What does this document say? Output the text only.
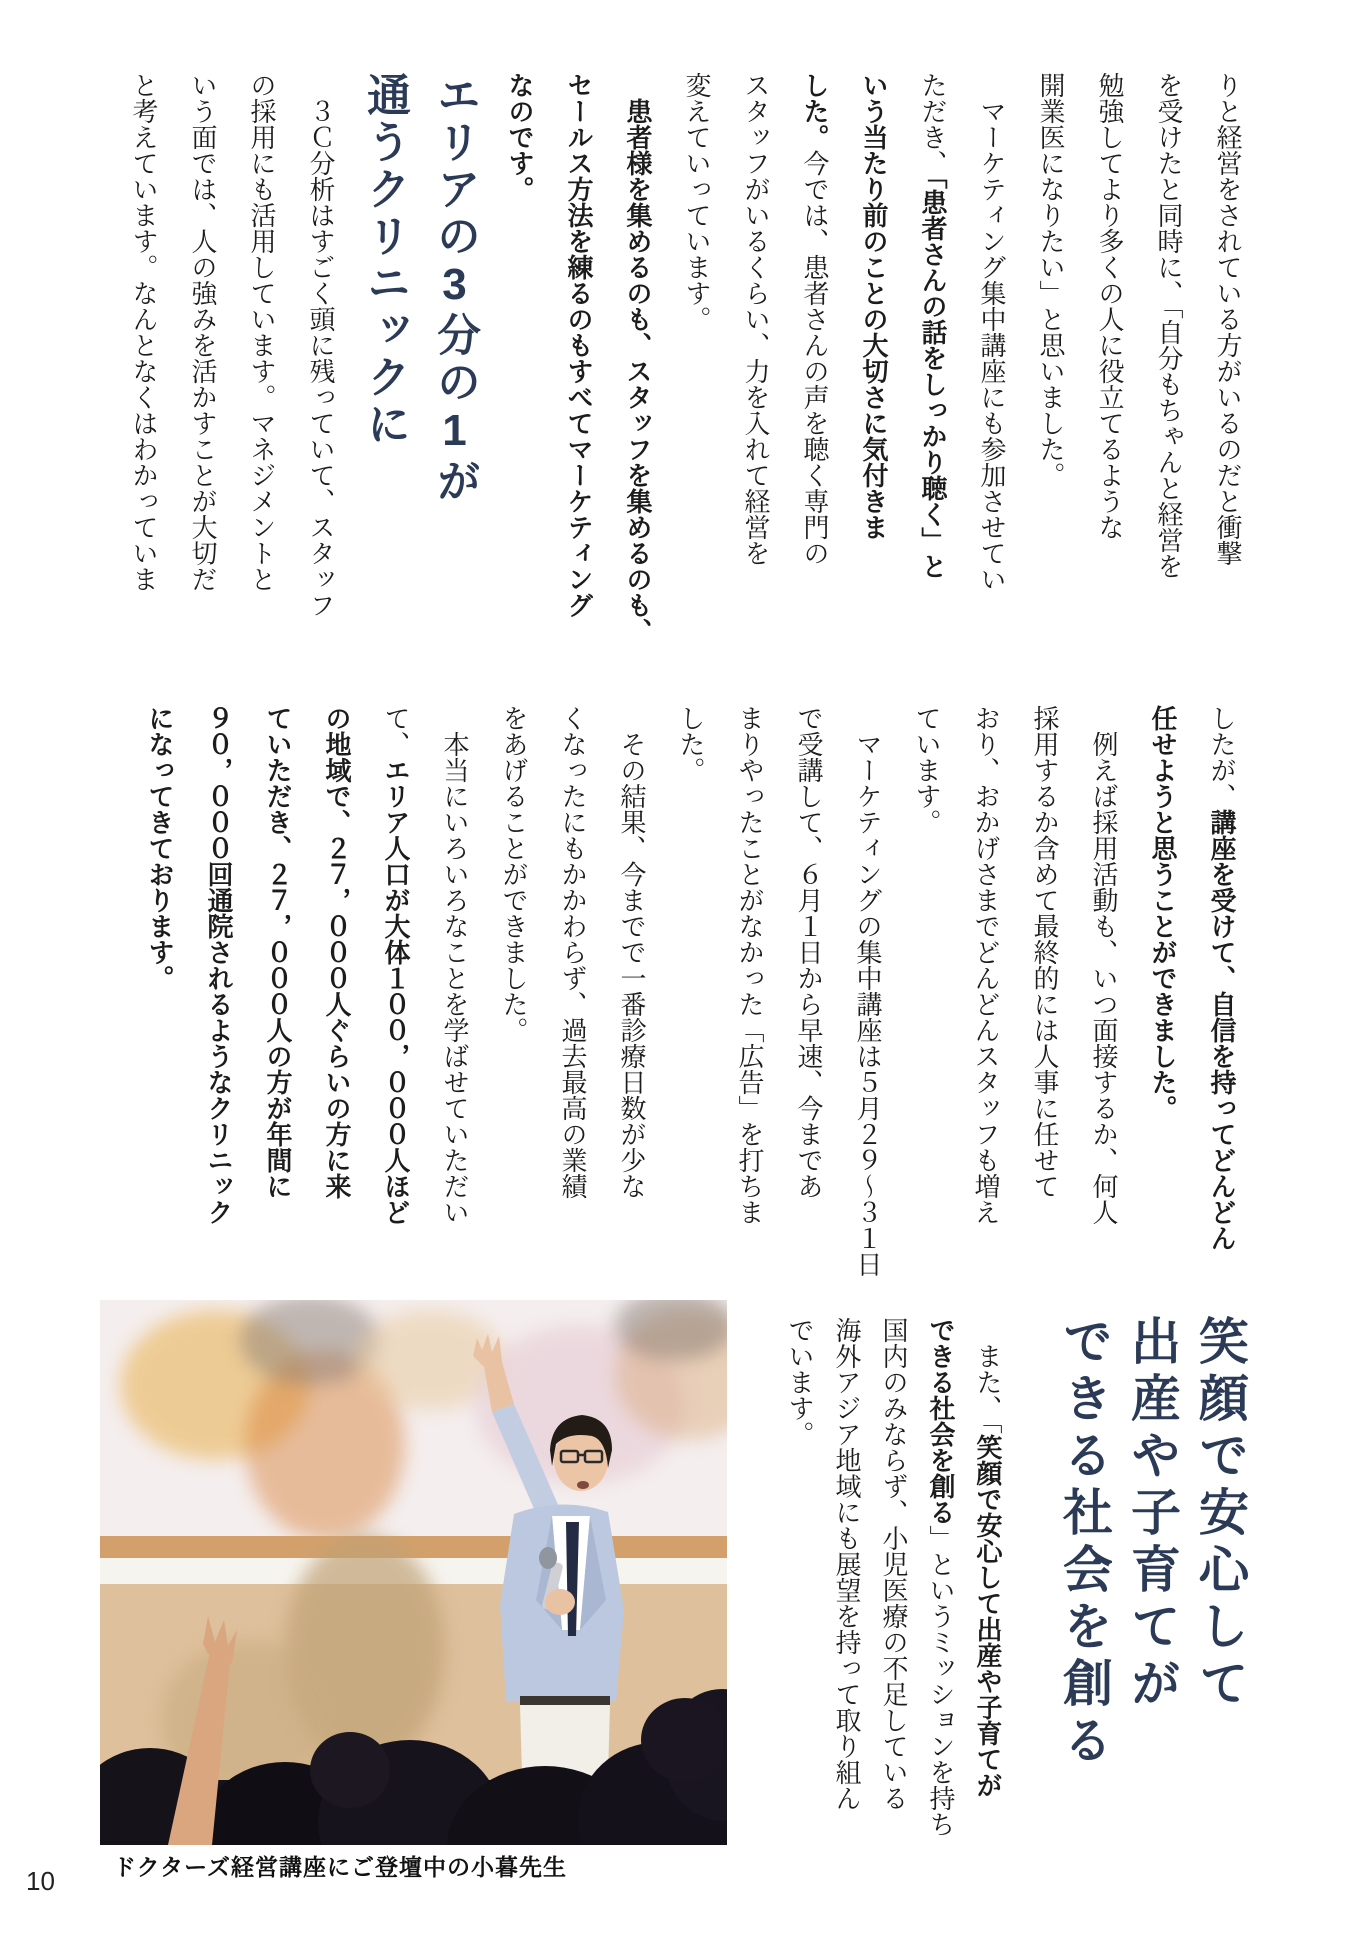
りと経営をされている方がいるのだと衝撃
を受けたと同時に、「自分もちゃんと経営を
勉強してより多くの人に役立てるような
開業医になりたい」と思いました。
　マーケティング集中講座にも参加させてい
ただき、「患者さんの話をしっかり聴く」と
いう当たり前のことの大切さに気付きま
した。今では、患者さんの声を聴く専門の
スタッフがいるくらい、力を入れて経営を
変えていっています。
　患者様を集めるのも、スタッフを集めるのも、
セールス方法を練るのもすべてマーケティング
なのです。
エリアの3分の1が
通うクリニックに
　３Ｃ分析はすごく頭に残っていて、スタッフ
の採用にも活用しています。マネジメントと
いう面では、人の強みを活かすことが大切だ
と考えています。なんとなくはわかっていま
したが、講座を受けて、自信を持ってどんどん
任せようと思うことができました。
　例えば採用活動も、いつ面接するか、何人
採用するか含めて最終的には人事に任せて
おり、おかげさまでどんどんスタッフも増え
ています。
　マーケティングの集中講座は５月２９〜３１日
で受講して、６月１日から早速、今まであ
まりやったことがなかった「広告」を打ちま
した。
　その結果、今までで一番診療日数が少な
くなったにもかかわらず、過去最高の業績
をあげることができました。
　本当にいろいろなことを学ばせていただい
て、エリア人口が大体１００，０００人ほど
の地域で、２７，０００人ぐらいの方に来
ていただき、２７，０００人の方が年間に
９０，０００回通院されるようなクリニック
になってきております。
笑顔で安心して
出産や子育てが
できる社会を創る
　また、「笑顔で安心して出産や子育てが
できる社会を創る」というミッションを持ち
国内のみならず、小児医療の不足している
海外アジア地域にも展望を持って取り組ん
でいます。
ドクターズ経営講座にご登壇中の小暮先生
10
